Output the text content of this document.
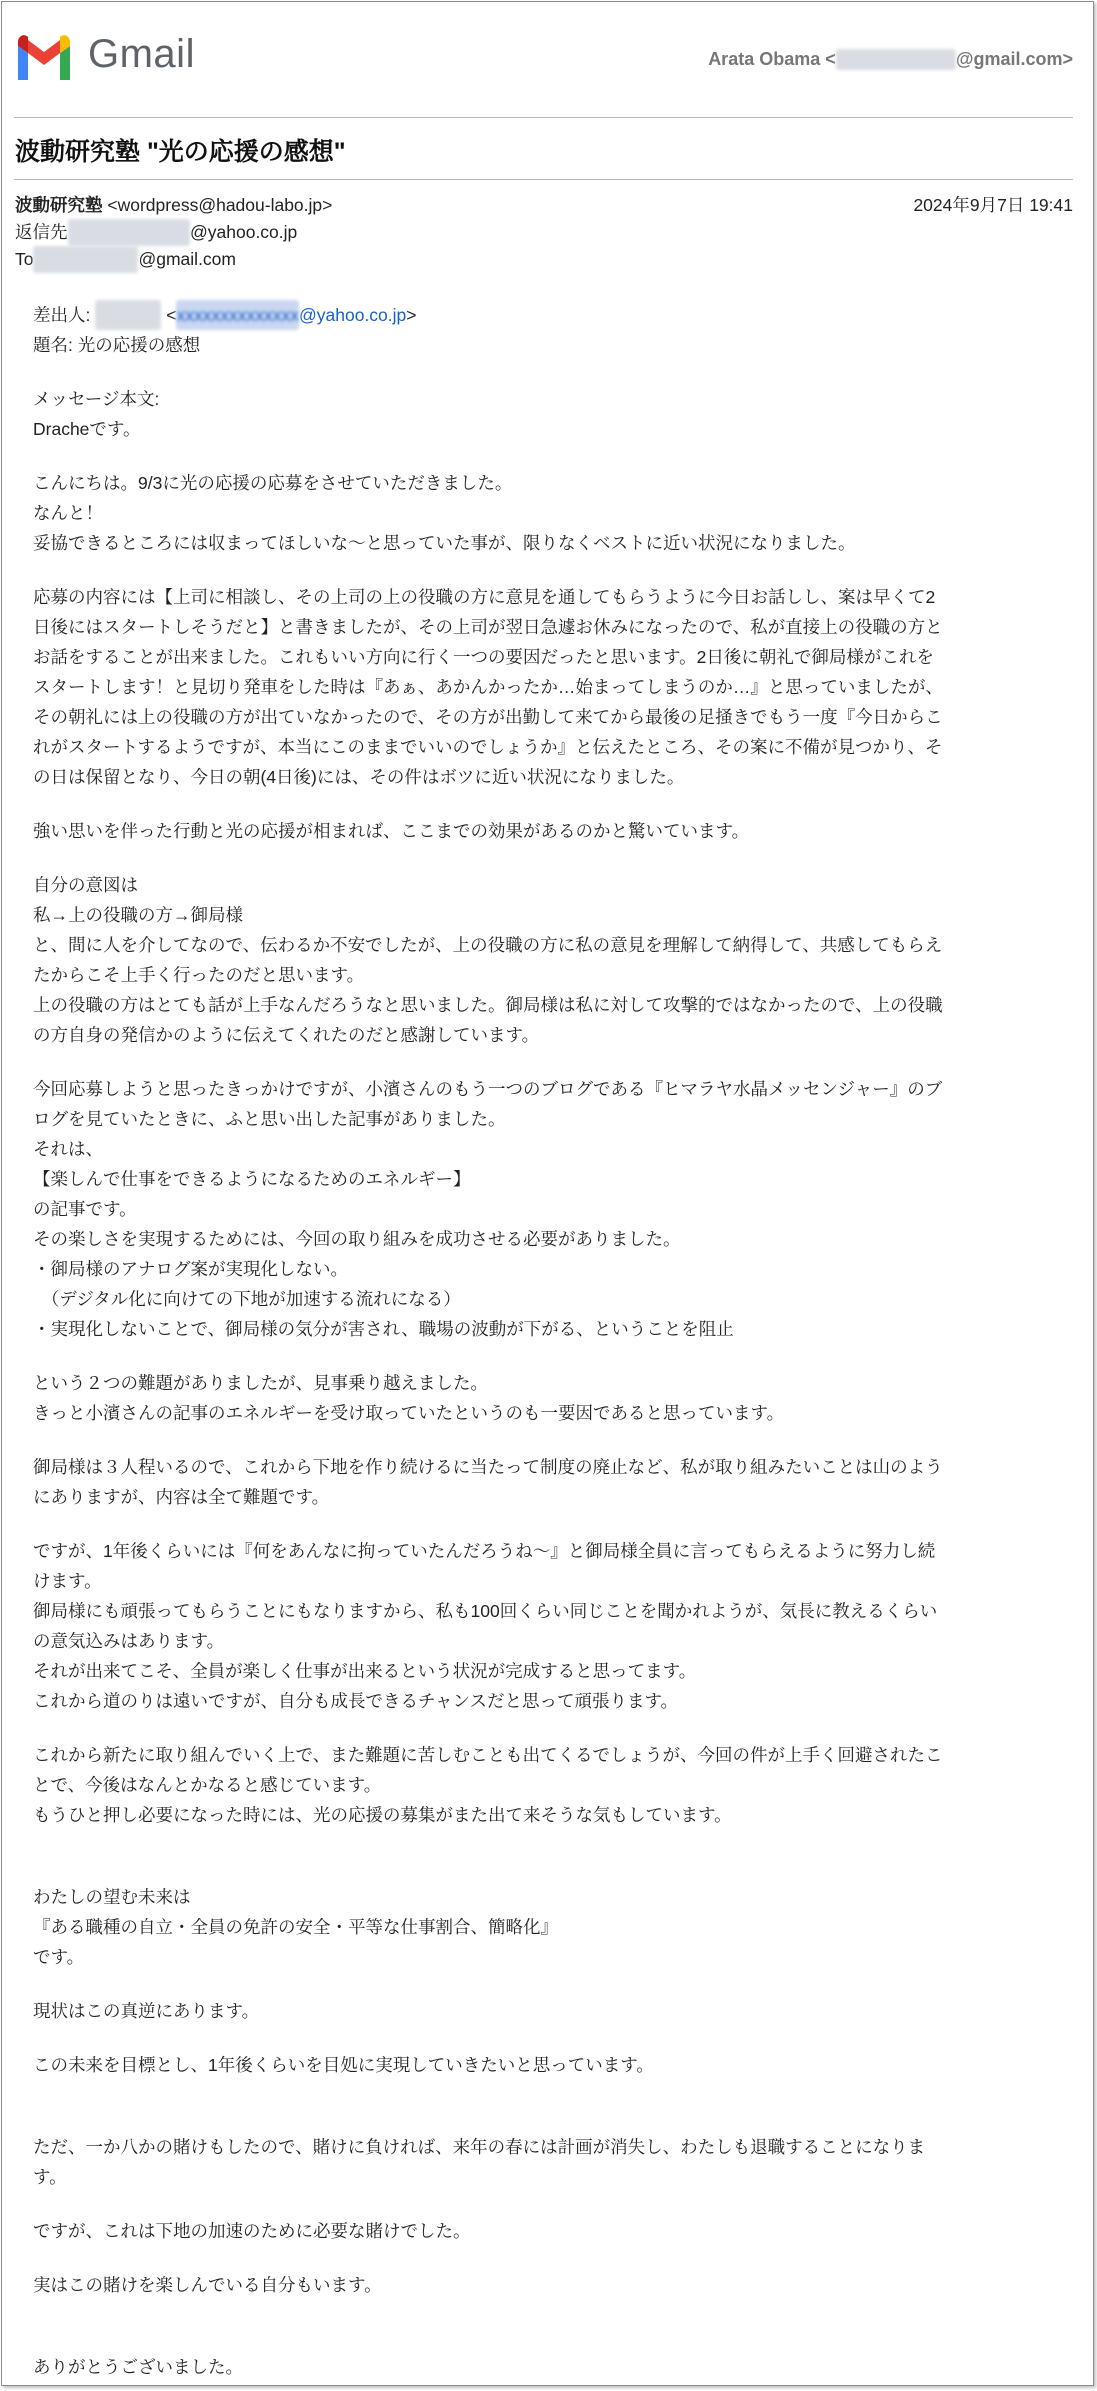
Gmail	Arata Obama <	@gmail.com>
波動研究塾 "光の応援の感想"
波動研究塾 <wordpress@hadou-labo.jp>	2024年9月7日 19:41
返信先	@yahoo.co.jp
To	@gmail.com

差出人:	<xxxxxxxxxxxxxx@yahoo.co.jp>

題名: 光の応援の感想

メッセージ本文:

Dracheです。

こんにちは。9/3に光の応援の応募をさせていただきました。
なんと！
妥協できるところには収まってほしいな〜と思っていた事が、限りなくベストに近い状況になりました。

応募の内容には【上司に相談し、その上司の上の役職の方に意見を通してもらうように今日お話しし、案は早くて2
日後にはスタートしそうだと】と書きましたが、その上司が翌日急遽お休みになったので、私が直接上の役職の方と
お話をすることが出来ました。これもいい方向に行く一つの要因だったと思います。2日後に朝礼で御局様がこれを
スタートします！と見切り発車をした時は『あぁ、あかんかったか…始まってしまうのか…』と思っていましたが、
その朝礼には上の役職の方が出ていなかったので、その方が出勤して来てから最後の足掻きでもう一度『今日からこ
れがスタートするようですが、本当にこのままでいいのでしょうか』と伝えたところ、その案に不備が見つかり、そ
の日は保留となり、今日の朝(4日後)には、その件はボツに近い状況になりました。

強い思いを伴った行動と光の応援が相まれば、ここまでの効果があるのかと驚いています。

自分の意図は
私→上の役職の方→御局様
と、間に人を介してなので、伝わるか不安でしたが、上の役職の方に私の意見を理解して納得して、共感してもらえ
たからこそ上手く行ったのだと思います。
上の役職の方はとても話が上手なんだろうなと思いました。御局様は私に対して攻撃的ではなかったので、上の役職
の方自身の発信かのように伝えてくれたのだと感謝しています。

今回応募しようと思ったきっかけですが、小濱さんのもう一つのブログである『ヒマラヤ水晶メッセンジャー』のブ
ログを見ていたときに、ふと思い出した記事がありました。
それは、
【楽しんで仕事をできるようになるためのエネルギー】
の記事です。
その楽しさを実現するためには、今回の取り組みを成功させる必要がありました。
・御局様のアナログ案が実現化しない。
　（デジタル化に向けての下地が加速する流れになる）
・実現化しないことで、御局様の気分が害され、職場の波動が下がる、ということを阻止

という２つの難題がありましたが、見事乗り越えました。
きっと小濱さんの記事のエネルギーを受け取っていたというのも一要因であると思っています。

御局様は３人程いるので、これから下地を作り続けるに当たって制度の廃止など、私が取り組みたいことは山のよう
にありますが、内容は全て難題です。

ですが、1年後くらいには『何をあんなに拘っていたんだろうね〜』と御局様全員に言ってもらえるように努力し続
けます。
御局様にも頑張ってもらうことにもなりますから、私も100回くらい同じことを聞かれようが、気長に教えるくらい
の意気込みはあります。
それが出来てこそ、全員が楽しく仕事が出来るという状況が完成すると思ってます。
これから道のりは遠いですが、自分も成長できるチャンスだと思って頑張ります。

これから新たに取り組んでいく上で、また難題に苦しむことも出てくるでしょうが、今回の件が上手く回避されたこ
とで、今後はなんとかなると感じています。
もうひと押し必要になった時には、光の応援の募集がまた出て来そうな気もしています。

わたしの望む未来は
『ある職種の自立・全員の免許の安全・平等な仕事割合、簡略化』
です。

現状はこの真逆にあります。

この未来を目標とし、1年後くらいを目処に実現していきたいと思っています。

ただ、一か八かの賭けもしたので、賭けに負ければ、来年の春には計画が消失し、わたしも退職することになりま
す。

ですが、これは下地の加速のために必要な賭けでした。

実はこの賭けを楽しんでいる自分もいます。

ありがとうございました。
